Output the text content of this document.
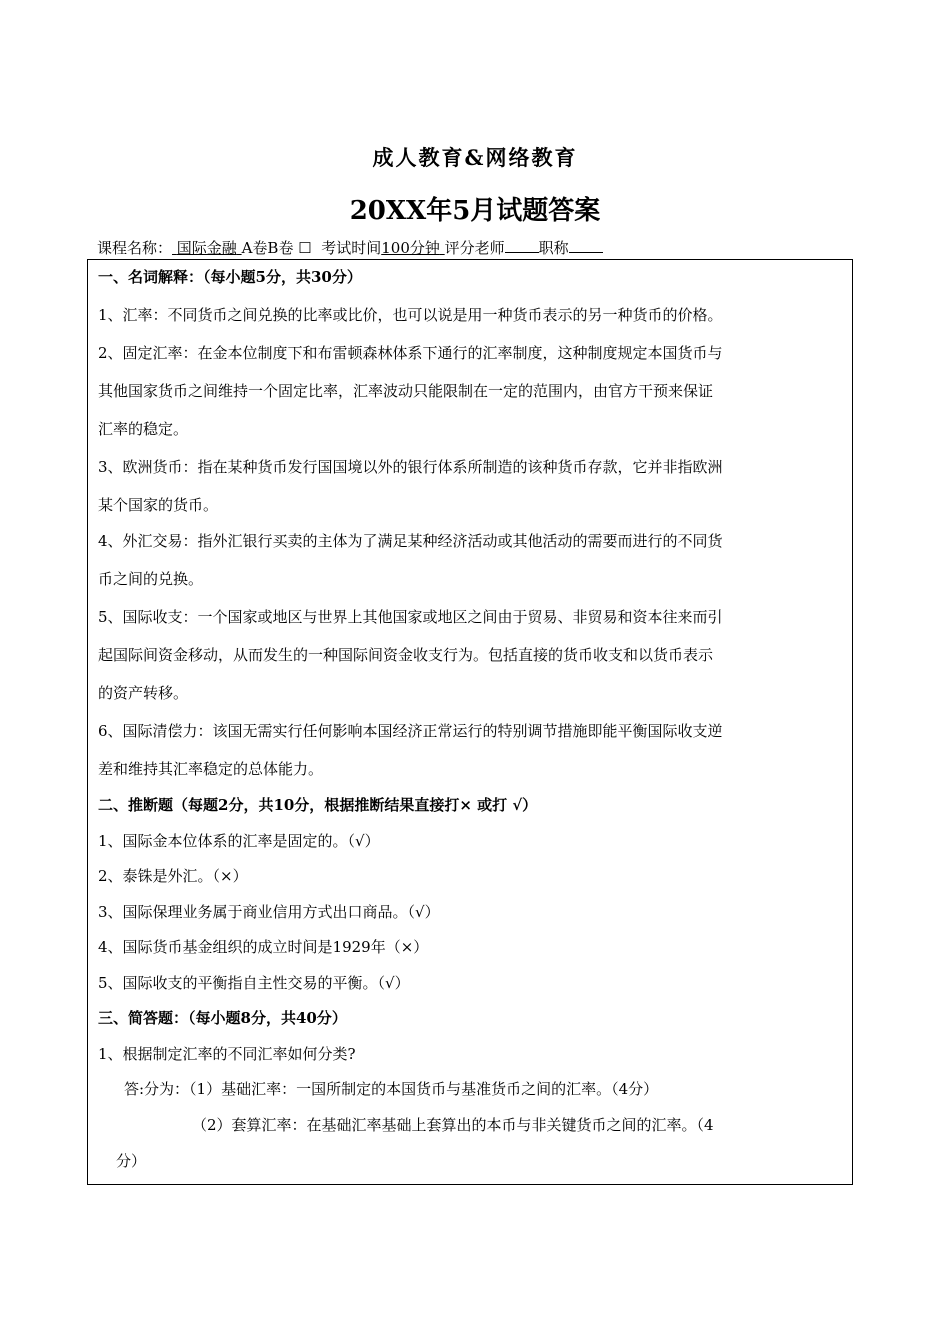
成人教育&网络教育
20XX年5月试题答案
课程名称： 国际金融 A卷B卷 ☐ 考试时间100分钟 评分老师 职称
一、名词解释：（每小题5分，共30分）
1、汇率：不同货币之间兑换的比率或比价，也可以说是用一种货币表示的另一种货币的价格。
2、固定汇率：在金本位制度下和布雷顿森林体系下通行的汇率制度，这种制度规定本国货币与
其他国家货币之间维持一个固定比率，汇率波动只能限制在一定的范围内，由官方干预来保证
汇率的稳定。
3、欧洲货币：指在某种货币发行国国境以外的银行体系所制造的该种货币存款，它并非指欧洲
某个国家的货币。
4、外汇交易：指外汇银行买卖的主体为了满足某种经济活动或其他活动的需要而进行的不同货
币之间的兑换。
5、国际收支：一个国家或地区与世界上其他国家或地区之间由于贸易、非贸易和资本往来而引
起国际间资金移动，从而发生的一种国际间资金收支行为。包括直接的货币收支和以货币表示
的资产转移。
6、国际清偿力：该国无需实行任何影响本国经济正常运行的特别调节措施即能平衡国际收支逆
差和维持其汇率稳定的总体能力。
二、推断题（每题2分，共10分，根据推断结果直接打× 或打 √）
1、国际金本位体系的汇率是固定的。（√）
2、泰铢是外汇。（×）
3、国际保理业务属于商业信用方式出口商品。（√）
4、国际货币基金组织的成立时间是1929年（×）
5、国际收支的平衡指自主性交易的平衡。（√）
三、简答题：（每小题8分，共40分）
1、根据制定汇率的不同汇率如何分类?
答:分为：（1）基础汇率：一国所制定的本国货币与基准货币之间的汇率。（4分）
（2）套算汇率：在基础汇率基础上套算出的本币与非关键货币之间的汇率。（4
分）
